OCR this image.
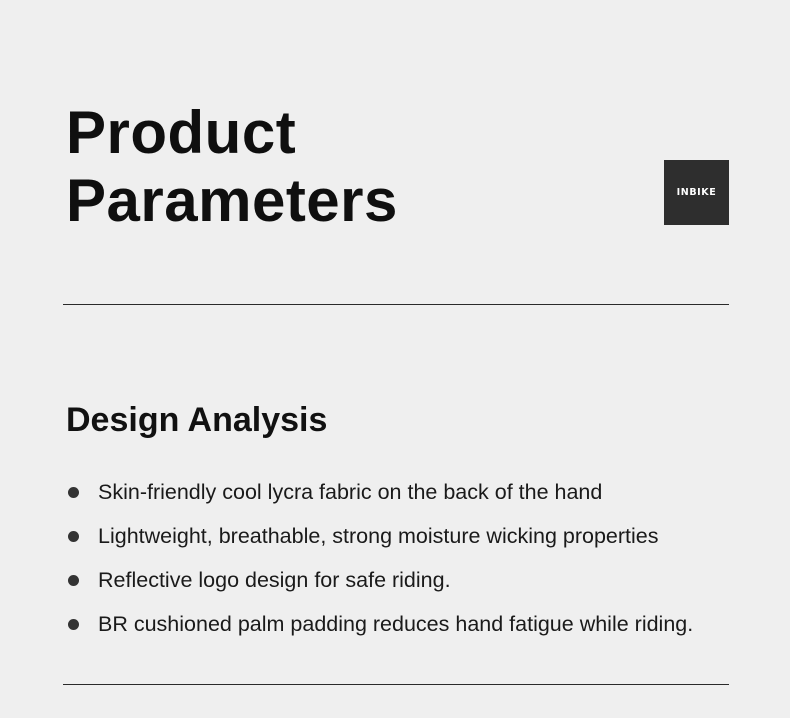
Product
Parameters	INBIKE
Design Analysis
Skin-friendly cool lycra fabric on the back of the hand
Lightweight, breathable, strong moisture wicking properties
Reflective logo design for safe riding.
BR cushioned palm padding reduces hand fatigue while riding.
